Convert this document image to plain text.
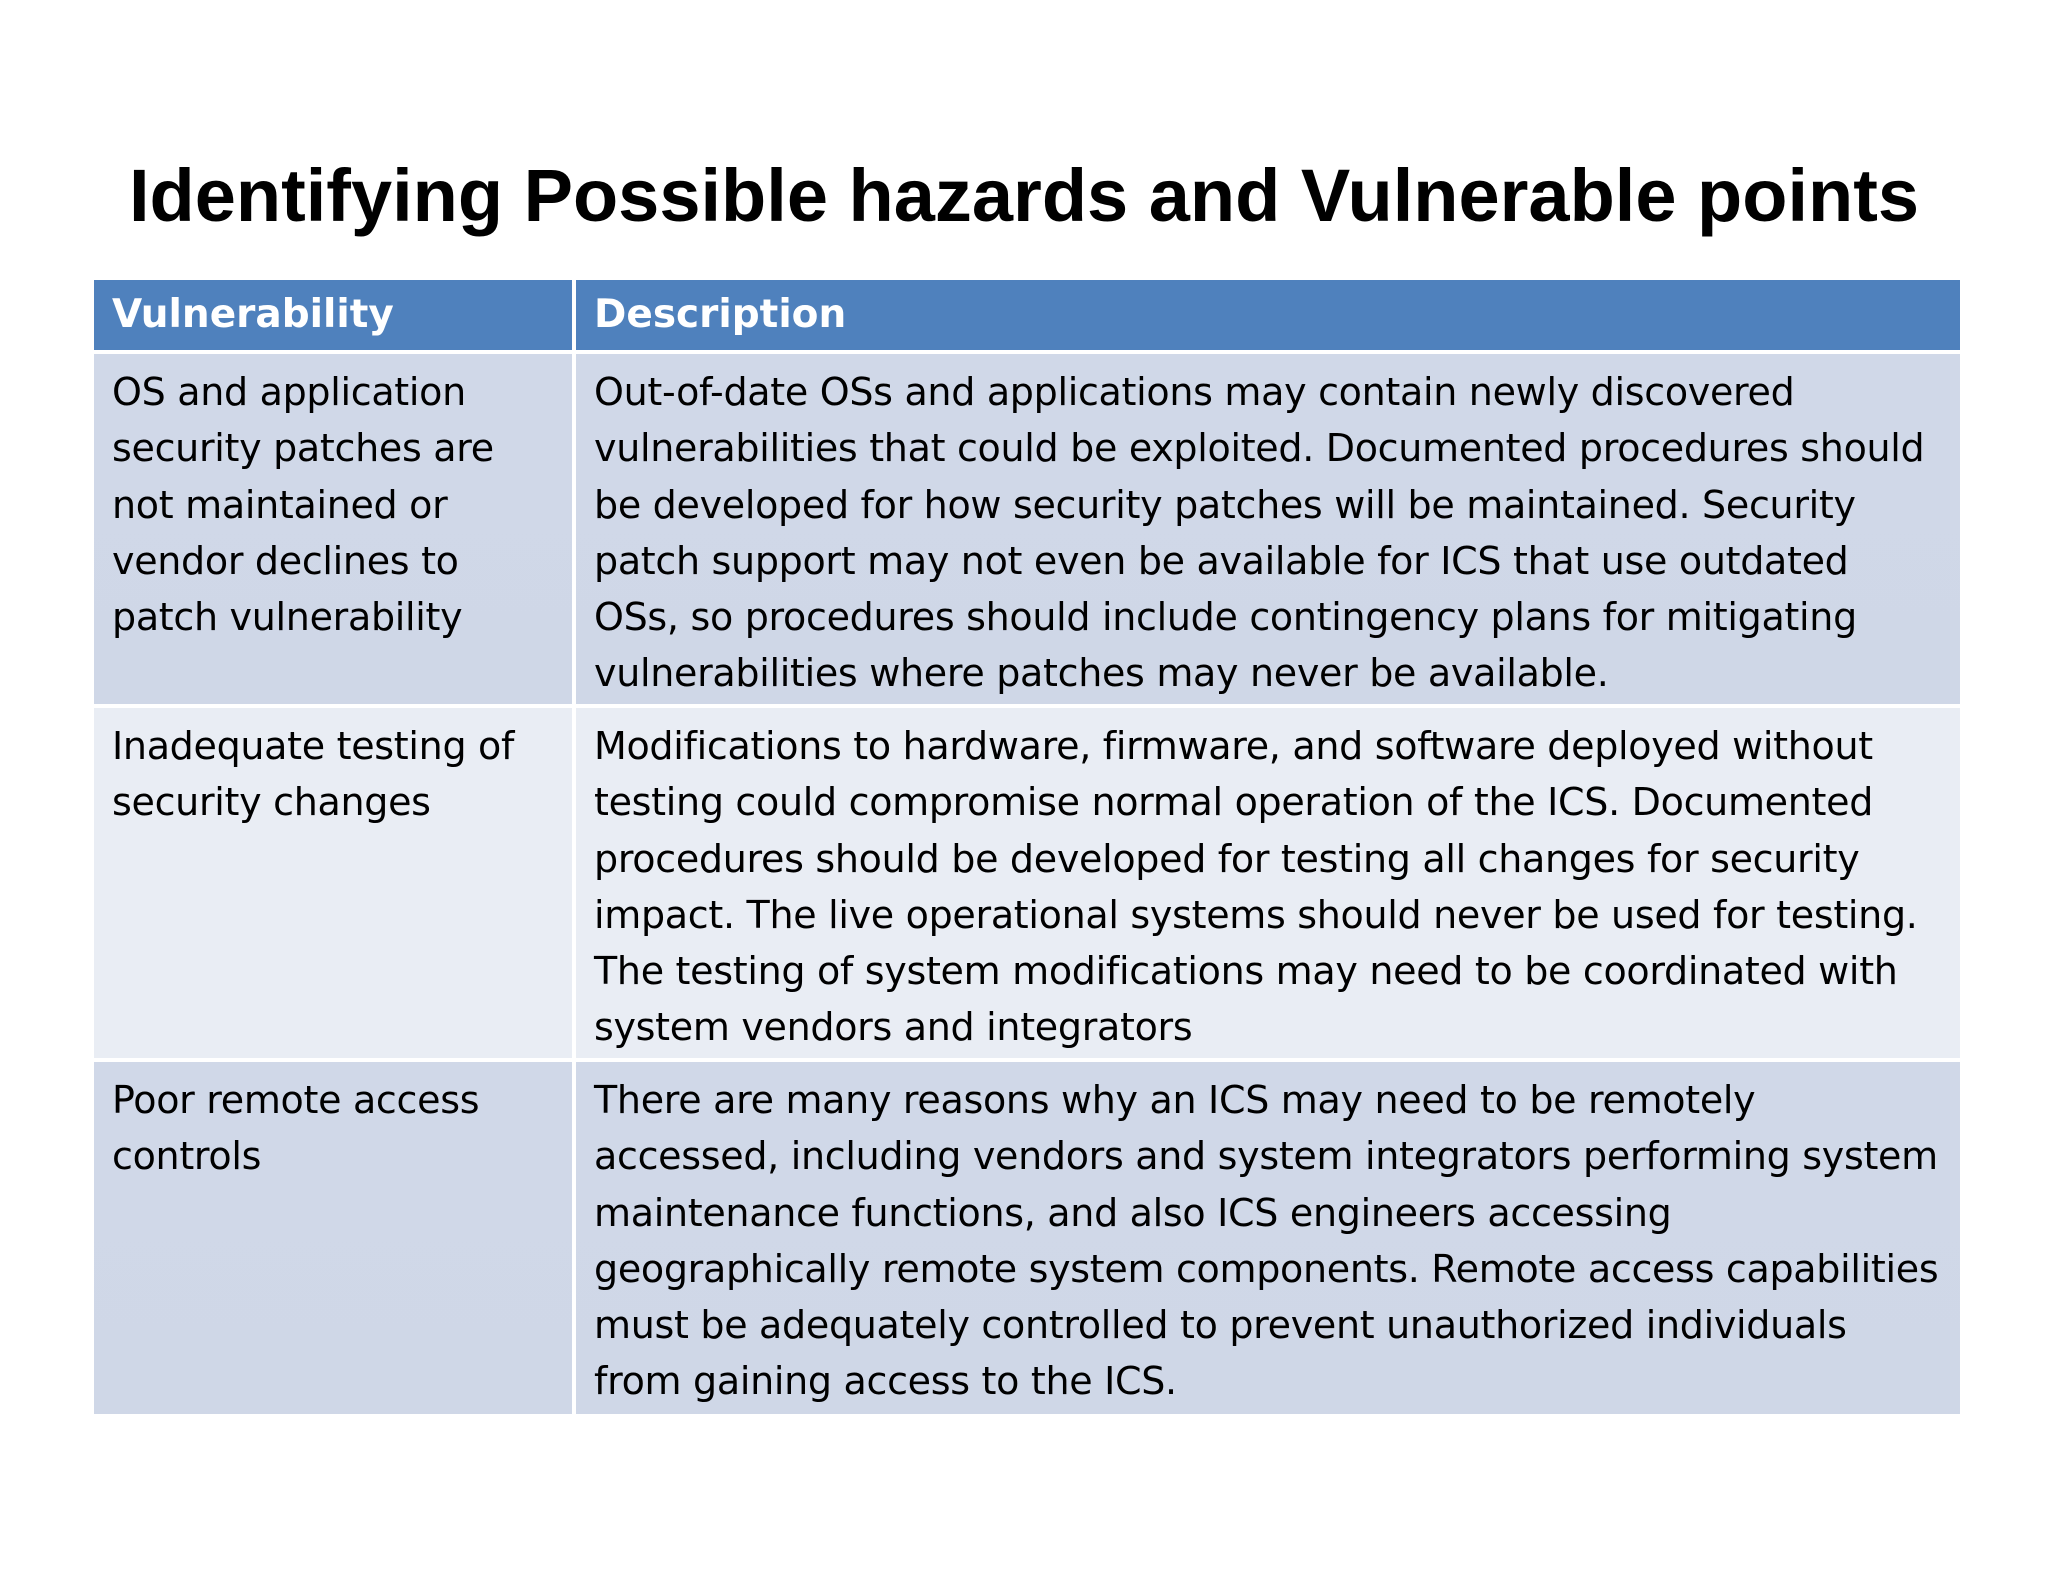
Identifying Possible hazards and Vulnerable points
Vulnerability	Description
OS and application security patches are not maintained or vendor declines to patch vulnerability	Out-of-date OSs and applications may contain newly discovered vulnerabilities that could be exploited. Documented procedures should be developed for how security patches will be maintained. Security patch support may not even be available for ICS that use outdated OSs, so procedures should include contingency plans for mitigating vulnerabilities where patches may never be available.
Inadequate testing of security changes	Modifications to hardware, firmware, and software deployed without testing could compromise normal operation of the ICS. Documented procedures should be developed for testing all changes for security impact. The live operational systems should never be used for testing. The testing of system modifications may need to be coordinated with system vendors and integrators
Poor remote access controls	There are many reasons why an ICS may need to be remotely accessed, including vendors and system integrators performing system maintenance functions, and also ICS engineers accessing geographically remote system components. Remote access capabilities must be adequately controlled to prevent unauthorized individuals from gaining access to the ICS.
